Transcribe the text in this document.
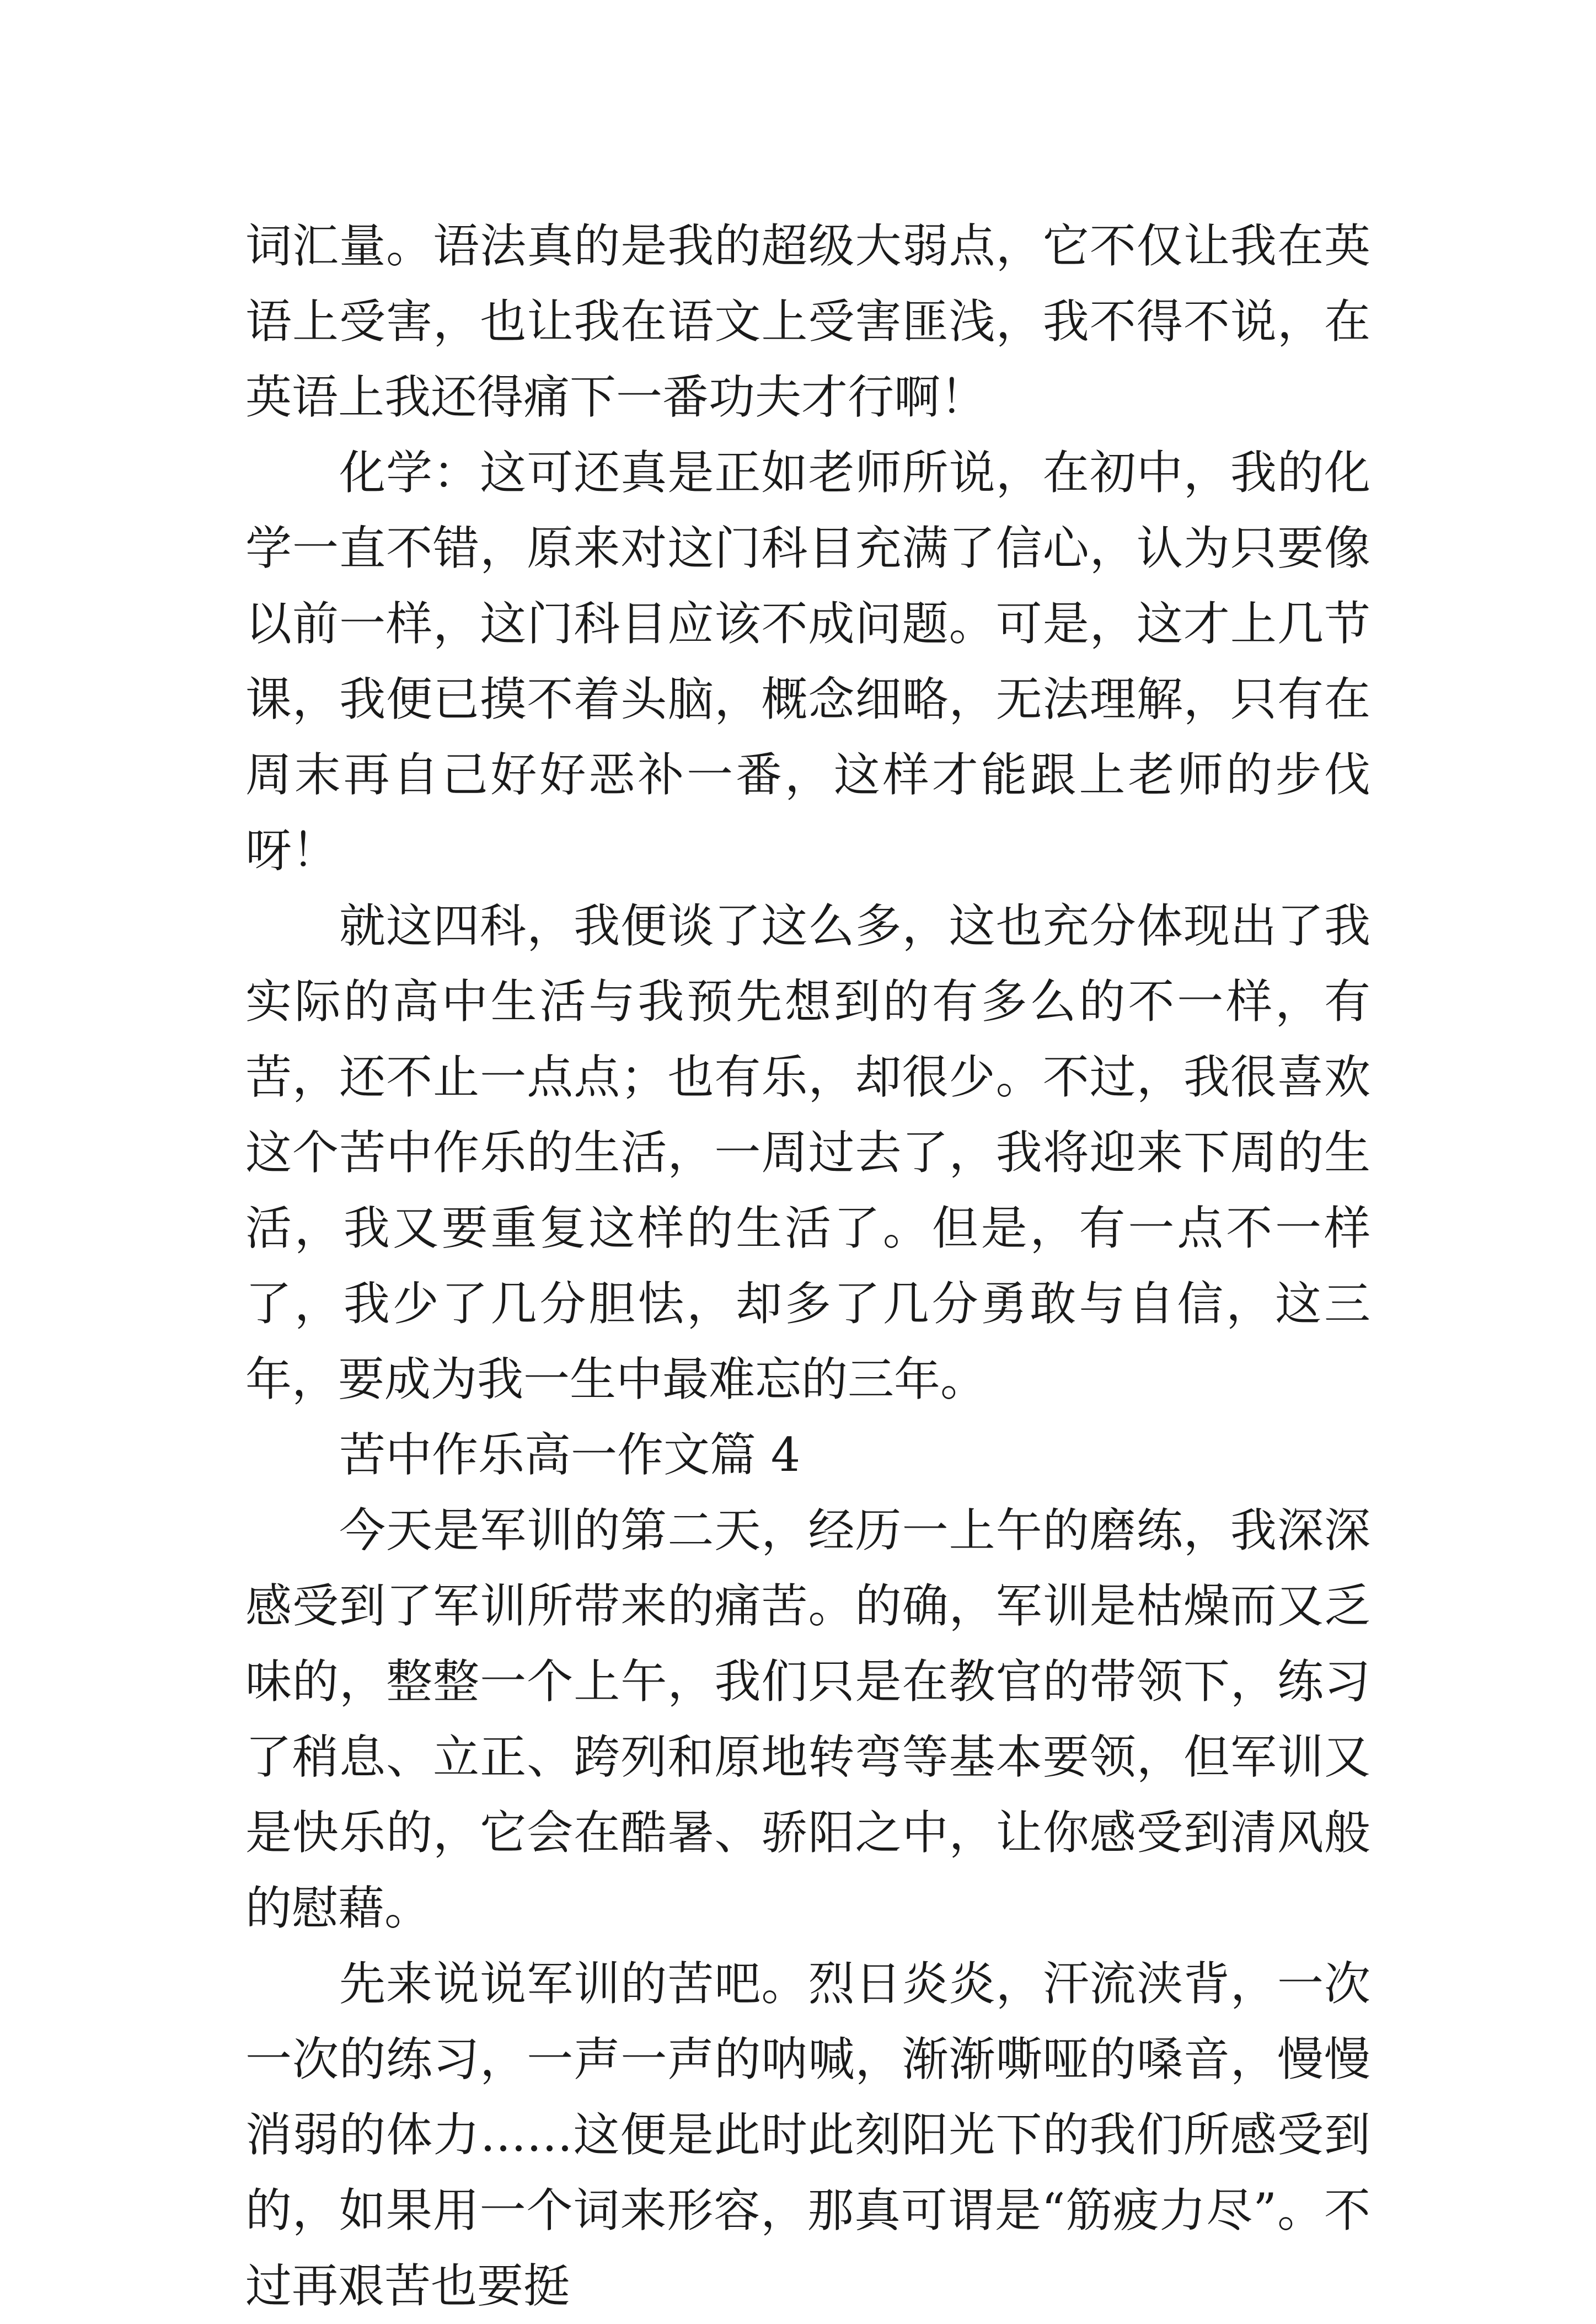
词汇量。语法真的是我的超级大弱点，它不仅让我在英语上受害，也让我在语文上受害匪浅，我不得不说，在英语上我还得痛下一番功夫才行啊！

化学：这可还真是正如老师所说，在初中，我的化学一直不错，原来对这门科目充满了信心，认为只要像以前一样，这门科目应该不成问题。可是，这才上几节课，我便已摸不着头脑，概念细略，无法理解，只有在周末再自己好好恶补一番，这样才能跟上老师的步伐呀！

就这四科，我便谈了这么多，这也充分体现出了我实际的高中生活与我预先想到的有多么的不一样，有苦，还不止一点点；也有乐，却很少。不过，我很喜欢这个苦中作乐的生活，一周过去了，我将迎来下周的生活，我又要重复这样的生活了。但是，有一点不一样了，我少了几分胆怯，却多了几分勇敢与自信，这三年，要成为我一生中最难忘的三年。

苦中作乐高一作文篇 4

今天是军训的第二天，经历一上午的磨练，我深深感受到了军训所带来的痛苦。的确，军训是枯燥而又乏味的，整整一个上午，我们只是在教官的带领下，练习了稍息、立正、跨列和原地转弯等基本要领，但军训又是快乐的，它会在酷暑、骄阳之中，让你感受到清风般的慰藉。

先来说说军训的苦吧。烈日炎炎，汗流浃背，一次一次的练习，一声一声的呐喊，渐渐嘶哑的嗓音，慢慢消弱的体力……这便是此时此刻阳光下的我们所感受到的，如果用一个词来形容，那真可谓是“筋疲力尽”。不过再艰苦也要挺
